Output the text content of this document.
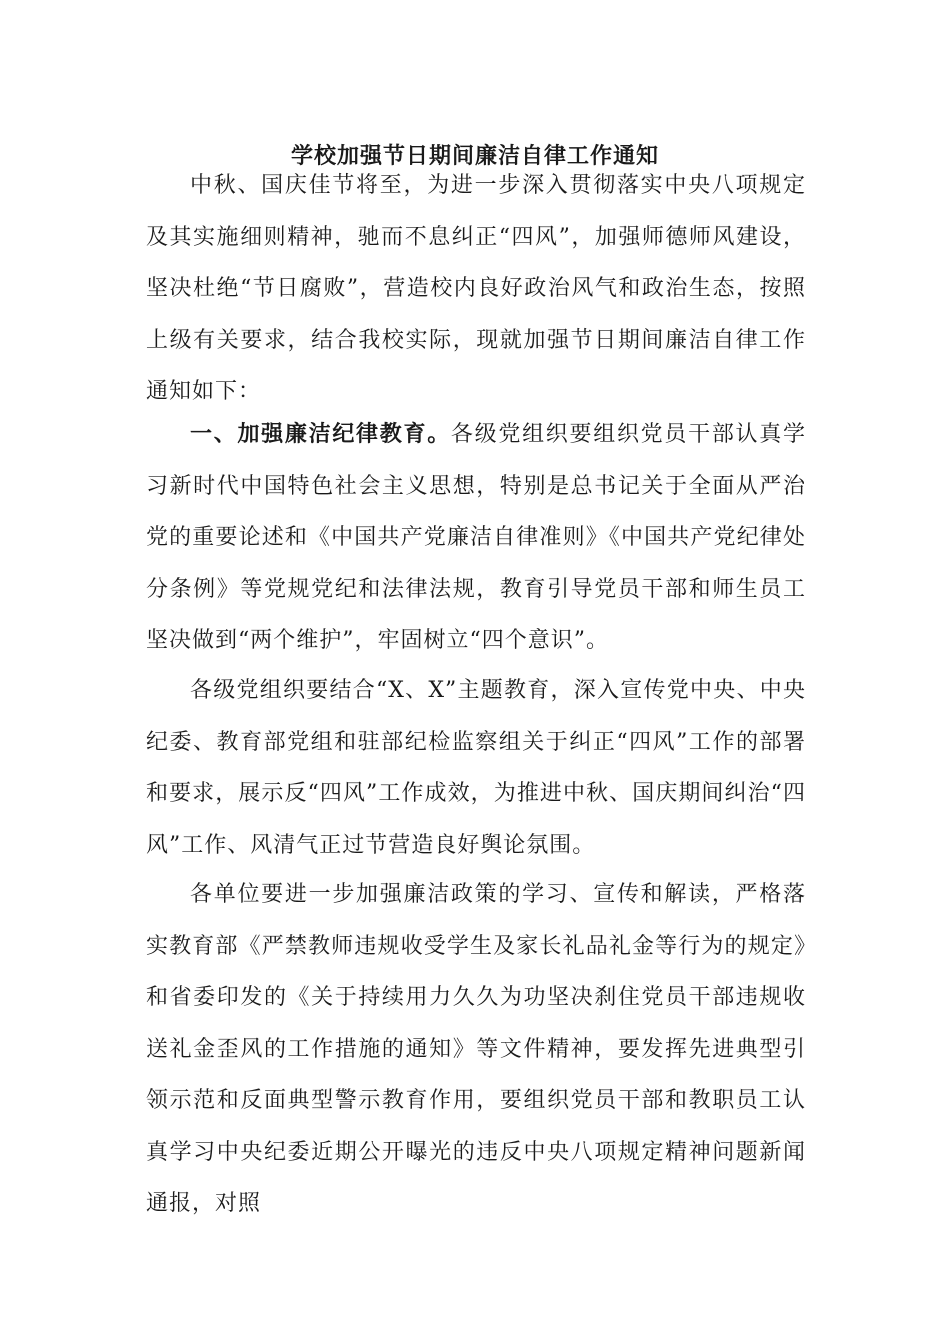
学校加强节日期间廉洁自律工作通知

中秋、国庆佳节将至，为进一步深入贯彻落实中央八项规定及其实施细则精神，驰而不息纠正“四风”，加强师德师风建设，坚决杜绝“节日腐败”，营造校内良好政治风气和政治生态，按照上级有关要求，结合我校实际，现就加强节日期间廉洁自律工作通知如下：

一、加强廉洁纪律教育。各级党组织要组织党员干部认真学习新时代中国特色社会主义思想，特别是总书记关于全面从严治党的重要论述和《中国共产党廉洁自律准则》《中国共产党纪律处分条例》等党规党纪和法律法规，教育引导党员干部和师生员工坚决做到“两个维护”，牢固树立“四个意识”。

各级党组织要结合“X、X”主题教育，深入宣传党中央、中央纪委、教育部党组和驻部纪检监察组关于纠正“四风”工作的部署和要求，展示反“四风”工作成效，为推进中秋、国庆期间纠治“四风”工作、风清气正过节营造良好舆论氛围。

各单位要进一步加强廉洁政策的学习、宣传和解读，严格落实教育部《严禁教师违规收受学生及家长礼品礼金等行为的规定》和省委印发的《关于持续用力久久为功坚决刹住党员干部违规收送礼金歪风的工作措施的通知》等文件精神，要发挥先进典型引领示范和反面典型警示教育作用，要组织党员干部和教职员工认真学习中央纪委近期公开曝光的违反中央八项规定精神问题新闻通报，对照
